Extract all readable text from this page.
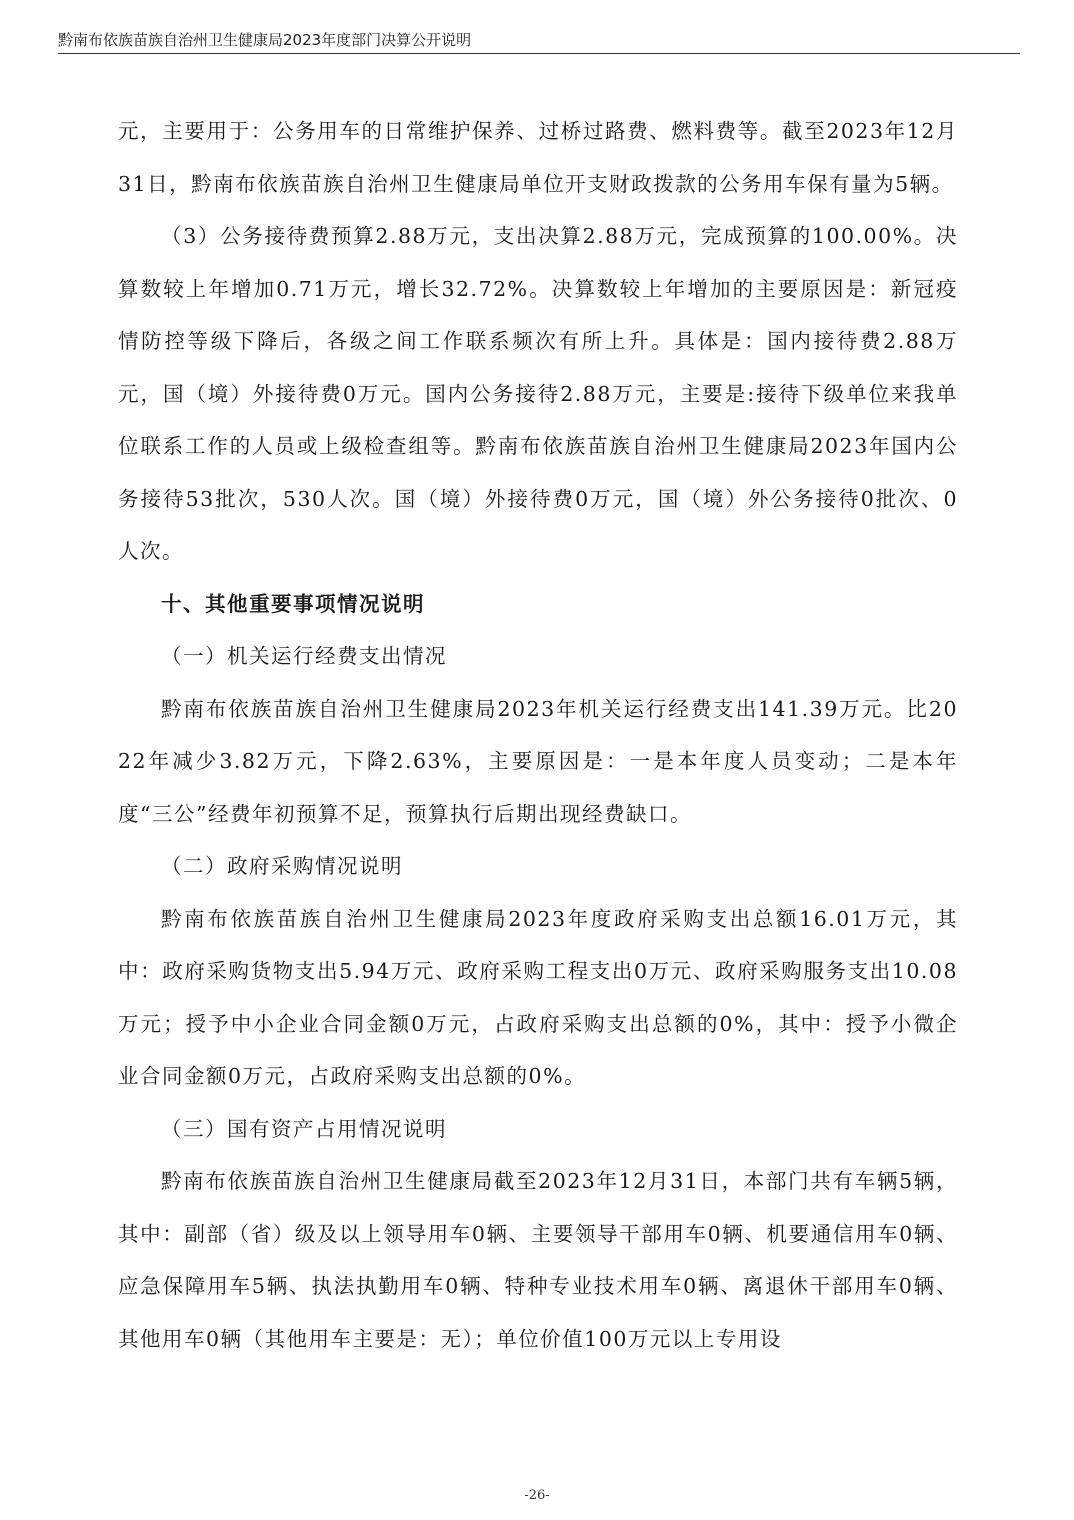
黔南布依族苗族自治州卫生健康局2023年度部门决算公开说明

元，主要用于：公务用车的日常维护保养、过桥过路费、燃料费等。截至2023年12月31日，黔南布依族苗族自治州卫生健康局单位开支财政拨款的公务用车保有量为5辆。

（3）公务接待费预算2.88万元，支出决算2.88万元，完成预算的100.00%。决算数较上年增加0.71万元，增长32.72%。决算数较上年增加的主要原因是：新冠疫情防控等级下降后，各级之间工作联系频次有所上升。具体是：国内接待费2.88万元，国（境）外接待费0万元。国内公务接待2.88万元，主要是:接待下级单位来我单位联系工作的人员或上级检查组等。黔南布依族苗族自治州卫生健康局2023年国内公务接待53批次，530人次。国（境）外接待费0万元，国（境）外公务接待0批次、0人次。

十、其他重要事项情况说明

（一）机关运行经费支出情况

黔南布依族苗族自治州卫生健康局2023年机关运行经费支出141.39万元。比2022年减少3.82万元，下降2.63%，主要原因是：一是本年度人员变动；二是本年度“三公”经费年初预算不足，预算执行后期出现经费缺口。

（二）政府采购情况说明

黔南布依族苗族自治州卫生健康局2023年度政府采购支出总额16.01万元，其中：政府采购货物支出5.94万元、政府采购工程支出0万元、政府采购服务支出10.08万元；授予中小企业合同金额0万元，占政府采购支出总额的0%，其中：授予小微企业合同金额0万元，占政府采购支出总额的0%。

（三）国有资产占用情况说明

黔南布依族苗族自治州卫生健康局截至2023年12月31日，本部门共有车辆5辆，其中：副部（省）级及以上领导用车0辆、主要领导干部用车0辆、机要通信用车0辆、应急保障用车5辆、执法执勤用车0辆、特种专业技术用车0辆、离退休干部用车0辆、其他用车0辆（其他用车主要是：无）；单位价值100万元以上专用设

-26-
